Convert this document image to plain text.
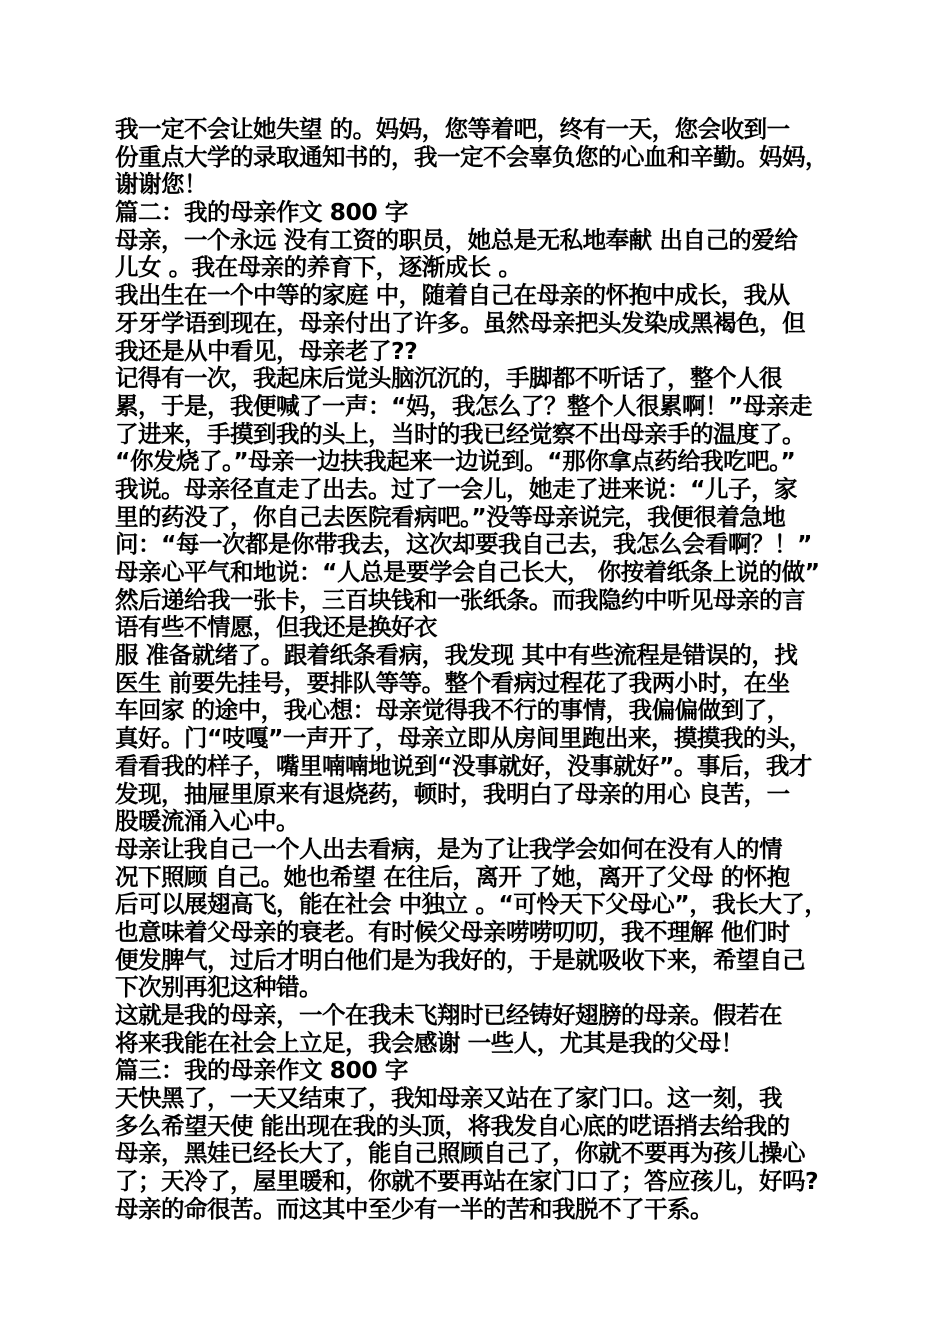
我一定不会让她失望 的。妈妈，您等着吧，终有一天，您会收到一
份重点大学的录取通知书的，我一定不会辜负您的心血和辛勤。妈妈，
谢谢您！
篇二：我的母亲作文 800 字
母亲，一个永远 没有工资的职员，她总是无私地奉献 出自己的爱给
儿女 。我在母亲的养育下，逐渐成长 。
我出生在一个中等的家庭 中，随着自己在母亲的怀抱中成长，我从
牙牙学语到现在，母亲付出了许多。虽然母亲把头发染成黑褐色，但
我还是从中看见，母亲老了??
记得有一次，我起床后觉头脑沉沉的，手脚都不听话了，整个人很
累，于是，我便喊了一声：“妈，我怎么了？整个人很累啊！”母亲走
了进来，手摸到我的头上，当时的我已经觉察不出母亲手的温度了。
“你发烧了。”母亲一边扶我起来一边说到。“那你拿点药给我吃吧。”
我说。母亲径直走了出去。过了一会儿，她走了进来说：“儿子，家
里的药没了，你自己去医院看病吧。”没等母亲说完，我便很着急地
问：“每一次都是你带我去，这次却要我自己去，我怎么会看啊？！”
母亲心平气和地说：“人总是要学会自己长大， 你按着纸条上说的做”
然后递给我一张卡，三百块钱和一张纸条。而我隐约中听见母亲的言
语有些不情愿，但我还是换好衣
服 准备就绪了。跟着纸条看病，我发现 其中有些流程是错误的，找
医生 前要先挂号，要排队等等。整个看病过程花了我两小时，在坐
车回家 的途中，我心想：母亲觉得我不行的事情，我偏偏做到了，
真好。门“吱嘎”一声开了，母亲立即从房间里跑出来，摸摸我的头，
看看我的样子，嘴里喃喃地说到“没事就好，没事就好”。事后，我才
发现，抽屉里原来有退烧药，顿时，我明白了母亲的用心 良苦，一
股暖流涌入心中。
母亲让我自己一个人出去看病，是为了让我学会如何在没有人的情
况下照顾 自己。她也希望 在往后，离开 了她，离开了父母 的怀抱
后可以展翅高飞，能在社会 中独立 。“可怜天下父母心”，我长大了，
也意味着父母亲的衰老。有时候父母亲唠唠叨叨，我不理解 他们时
便发脾气，过后才明白他们是为我好的，于是就吸收下来，希望自己
下次别再犯这种错。
这就是我的母亲，一个在我未飞翔时已经铸好翅膀的母亲。假若在
将来我能在社会上立足，我会感谢 一些人，尤其是我的父母！
篇三：我的母亲作文 800 字
天快黑了，一天又结束了，我知母亲又站在了家门口。这一刻，我
多么希望天使 能出现在我的头顶，将我发自心底的呓语捎去给我的
母亲，黑娃已经长大了，能自己照顾自己了，你就不要再为孩儿操心
了；天冷了，屋里暖和，你就不要再站在家门口了；答应孩儿，好吗?
母亲的命很苦。而这其中至少有一半的苦和我脱不了干系。
